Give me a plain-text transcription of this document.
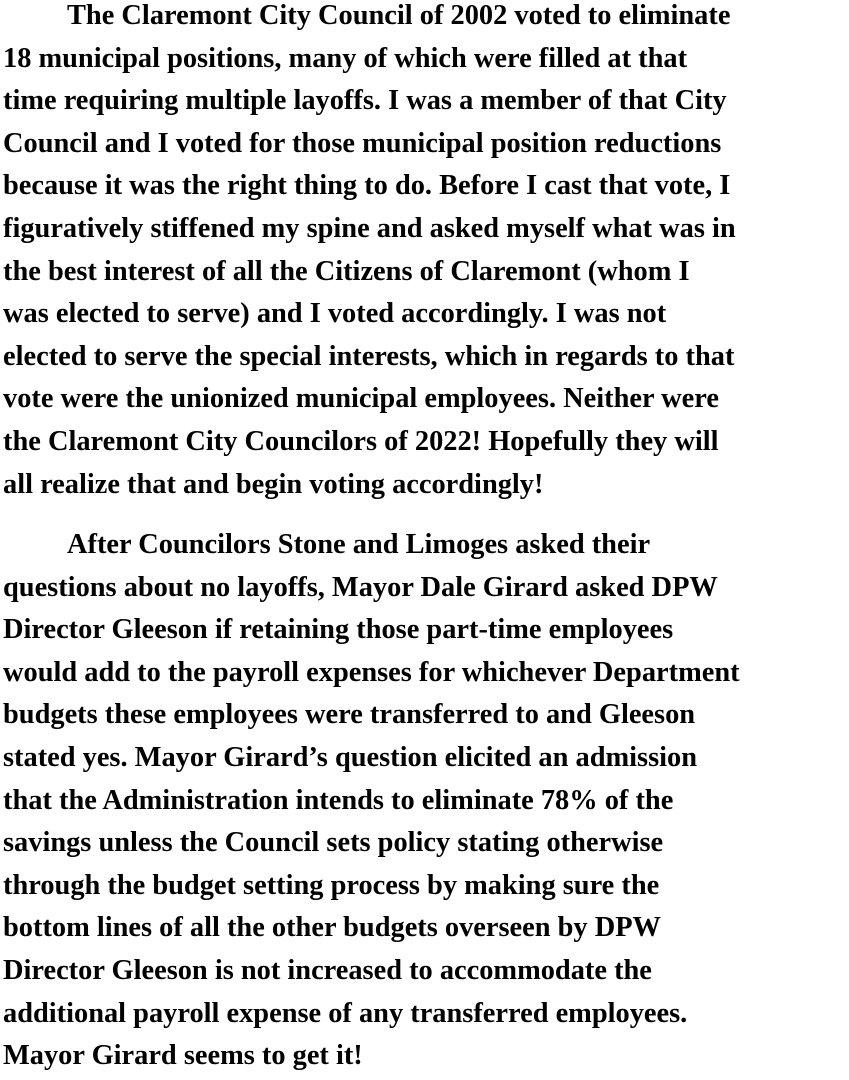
The Claremont City Council of 2002 voted to eliminate
18 municipal positions, many of which were filled at that
time requiring multiple layoffs. I was a member of that City
Council and I voted for those municipal position reductions
because it was the right thing to do. Before I cast that vote, I
figuratively stiffened my spine and asked myself what was in
the best interest of all the Citizens of Claremont (whom I
was elected to serve) and I voted accordingly. I was not
elected to serve the special interests, which in regards to that
vote were the unionized municipal employees. Neither were
the Claremont City Councilors of 2022! Hopefully they will
all realize that and begin voting accordingly!
After Councilors Stone and Limoges asked their
questions about no layoffs, Mayor Dale Girard asked DPW
Director Gleeson if retaining those part-time employees
would add to the payroll expenses for whichever Department
budgets these employees were transferred to and Gleeson
stated yes. Mayor Girard’s question elicited an admission
that the Administration intends to eliminate 78% of the
savings unless the Council sets policy stating otherwise
through the budget setting process by making sure the
bottom lines of all the other budgets overseen by DPW
Director Gleeson is not increased to accommodate the
additional payroll expense of any transferred employees.
Mayor Girard seems to get it!
